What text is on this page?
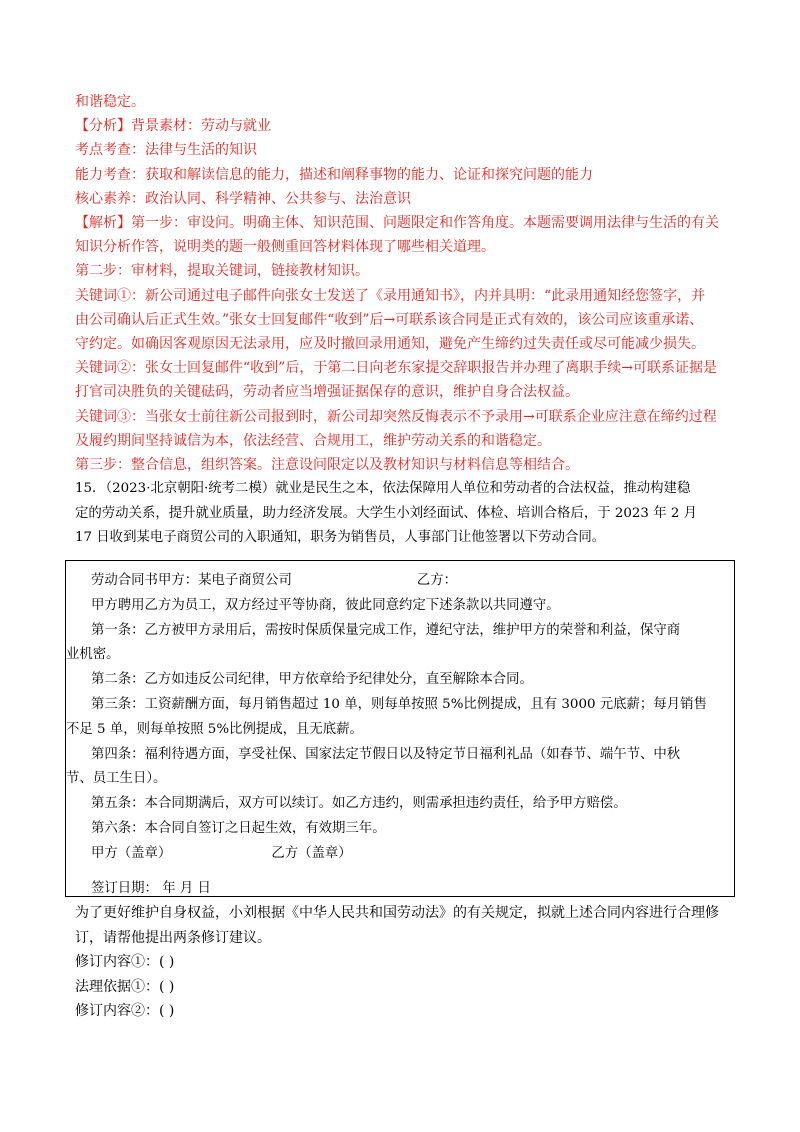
和谐稳定。
【分析】背景素材：劳动与就业
考点考查：法律与生活的知识
能力考查：获取和解读信息的能力，描述和阐释事物的能力、论证和探究问题的能力
核心素养：政治认同、科学精神、公共参与、法治意识
【解析】第一步：审设问。明确主体、知识范围、问题限定和作答角度。本题需要调用法律与生活的有关
知识分析作答，说明类的题一般侧重回答材料体现了哪些相关道理。
第二步：审材料，提取关键词，链接教材知识。
关键词①：新公司通过电子邮件向张女士发送了《录用通知书》，内并具明：“此录用通知经您签字，并
由公司确认后正式生效。”张女士回复邮件“收到”后→可联系该合同是正式有效的，该公司应该重承诺、
守约定。如确因客观原因无法录用，应及时撤回录用通知，避免产生缔约过失责任或尽可能减少损失。
关键词②：张女士回复邮件“收到”后，于第二日向老东家提交辞职报告并办理了离职手续→可联系证据是
打官司决胜负的关键砝码，劳动者应当增强证据保存的意识，维护自身合法权益。
关键词③：当张女士前往新公司报到时，新公司却突然反悔表示不予录用→可联系企业应注意在缔约过程
及履约期间坚持诚信为本，依法经营、合规用工，维护劳动关系的和谐稳定。
第三步：整合信息，组织答案。注意设问限定以及教材知识与材料信息等相结合。
15．（2023·北京朝阳·统考二模）就业是民生之本，依法保障用人单位和劳动者的合法权益，推动构建稳
定的劳动关系，提升就业质量，助力经济发展。大学生小刘经面试、体检、培训合格后，于 2023 年 2 月
17 日收到某电子商贸公司的入职通知，职务为销售员，人事部门让他签署以下劳动合同。
劳动合同书甲方：某电子商贸公司	乙方：
甲方聘用乙方为员工，双方经过平等协商，彼此同意约定下述条款以共同遵守。
第一条：乙方被甲方录用后，需按时保质保量完成工作，遵纪守法，维护甲方的荣誉和利益，保守商
业机密。
第二条：乙方如违反公司纪律，甲方依章给予纪律处分，直至解除本合同。
第三条：工资薪酬方面，每月销售超过 10 单，则每单按照 5%比例提成，且有 3000 元底薪；每月销售
不足 5 单，则每单按照 5%比例提成，且无底薪。
第四条：福利待遇方面，享受社保、国家法定节假日以及特定节日福利礼品（如春节、端午节、中秋
节、员工生日）。
第五条：本合同期满后，双方可以续订。如乙方违约，则需承担违约责任，给予甲方赔偿。
第六条：本合同自签订之日起生效，有效期三年。
甲方（盖章）	乙方（盖章）
签订日期： 年 月 日
为了更好维护自身权益，小刘根据《中华人民共和国劳动法》的有关规定，拟就上述合同内容进行合理修
订，请帮他提出两条修订建议。
修订内容①：( )
法理依据①：( )
修订内容②：( )
